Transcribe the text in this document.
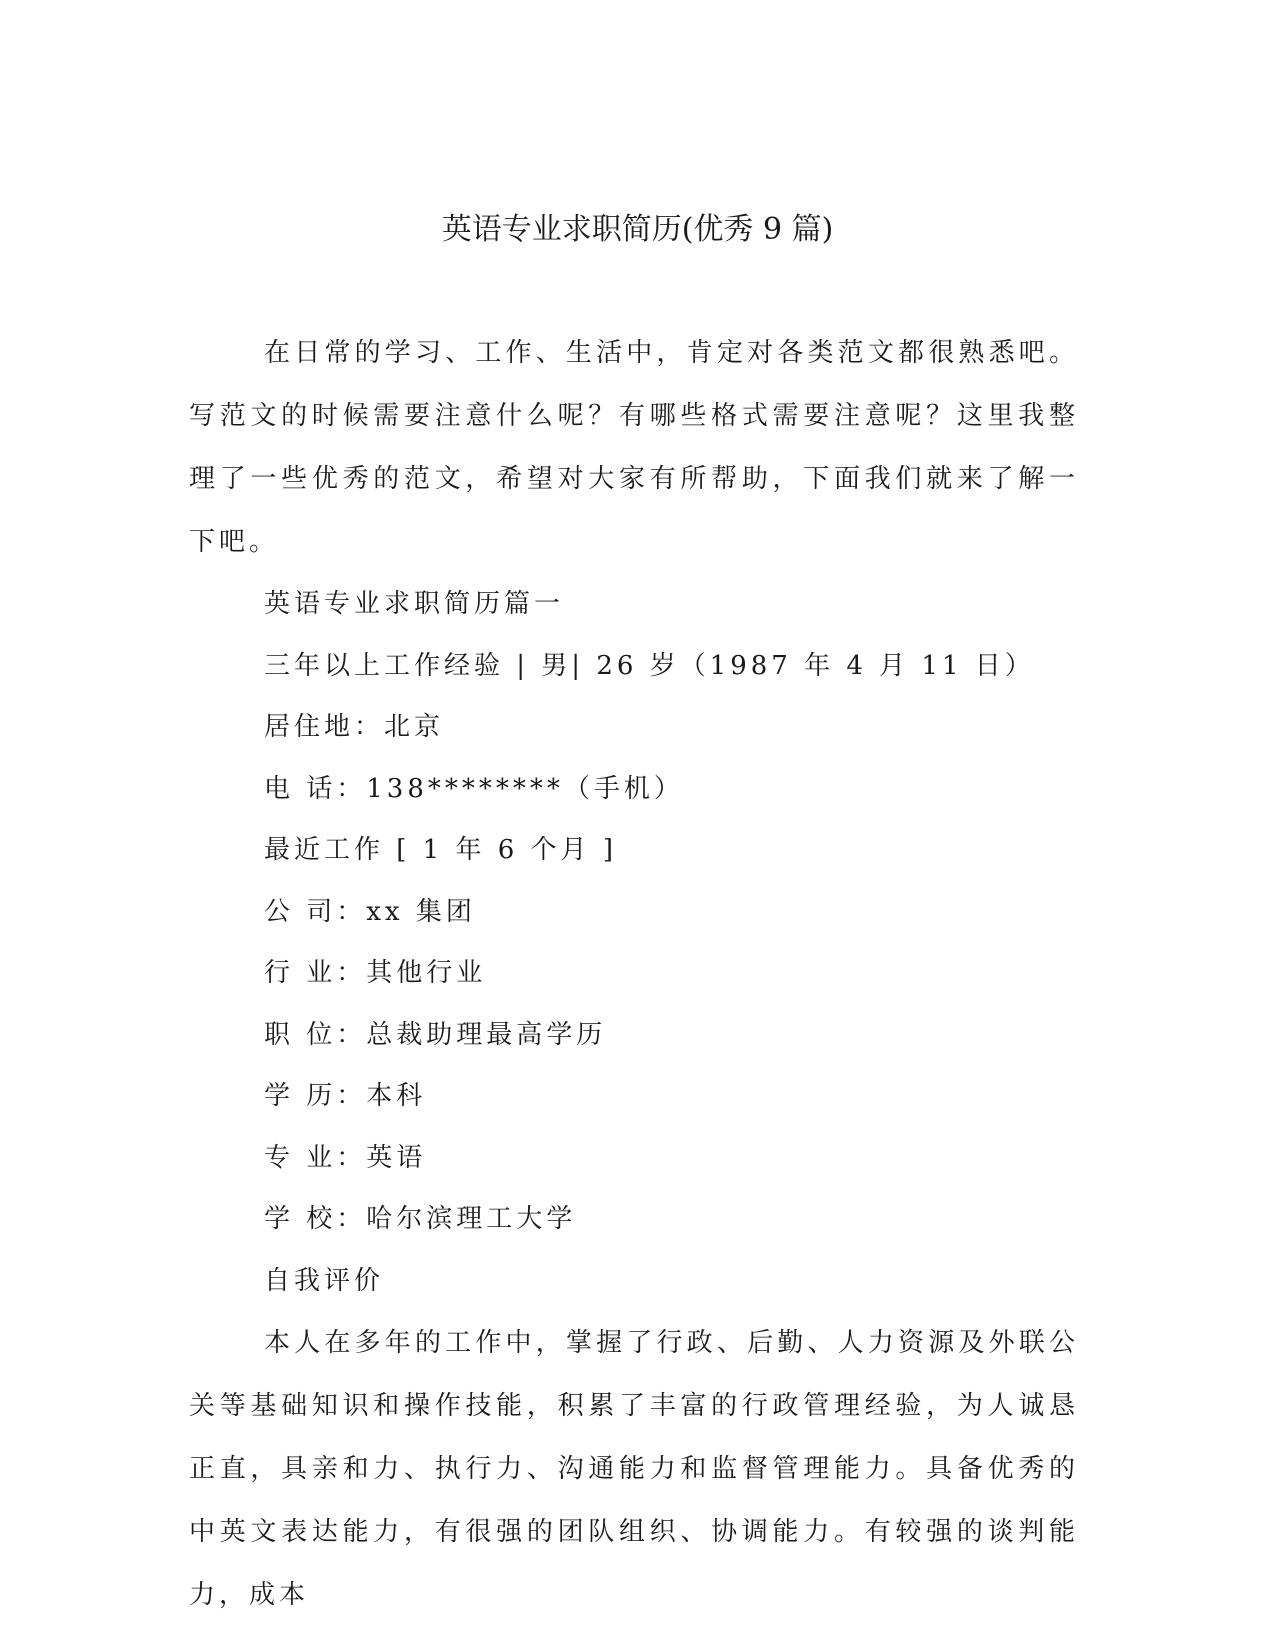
英语专业求职简历(优秀 9 篇)

在日常的学习、工作、生活中，肯定对各类范文都很熟悉吧。写范文的时候需要注意什么呢？有哪些格式需要注意呢？这里我整理了一些优秀的范文，希望对大家有所帮助，下面我们就来了解一下吧。

英语专业求职简历篇一

三年以上工作经验 | 男| 26 岁（1987 年 4 月 11 日）

居住地：北京

电 话：138********（手机）

最近工作 [ 1 年 6 个月 ]

公 司：xx 集团

行 业：其他行业

职 位：总裁助理最高学历

学 历：本科

专 业：英语

学 校：哈尔滨理工大学

自我评价

本人在多年的工作中，掌握了行政、后勤、人力资源及外联公关等基础知识和操作技能，积累了丰富的行政管理经验，为人诚恳正直，具亲和力、执行力、沟通能力和监督管理能力。具备优秀的中英文表达能力，有很强的团队组织、协调能力。有较强的谈判能力，成本
